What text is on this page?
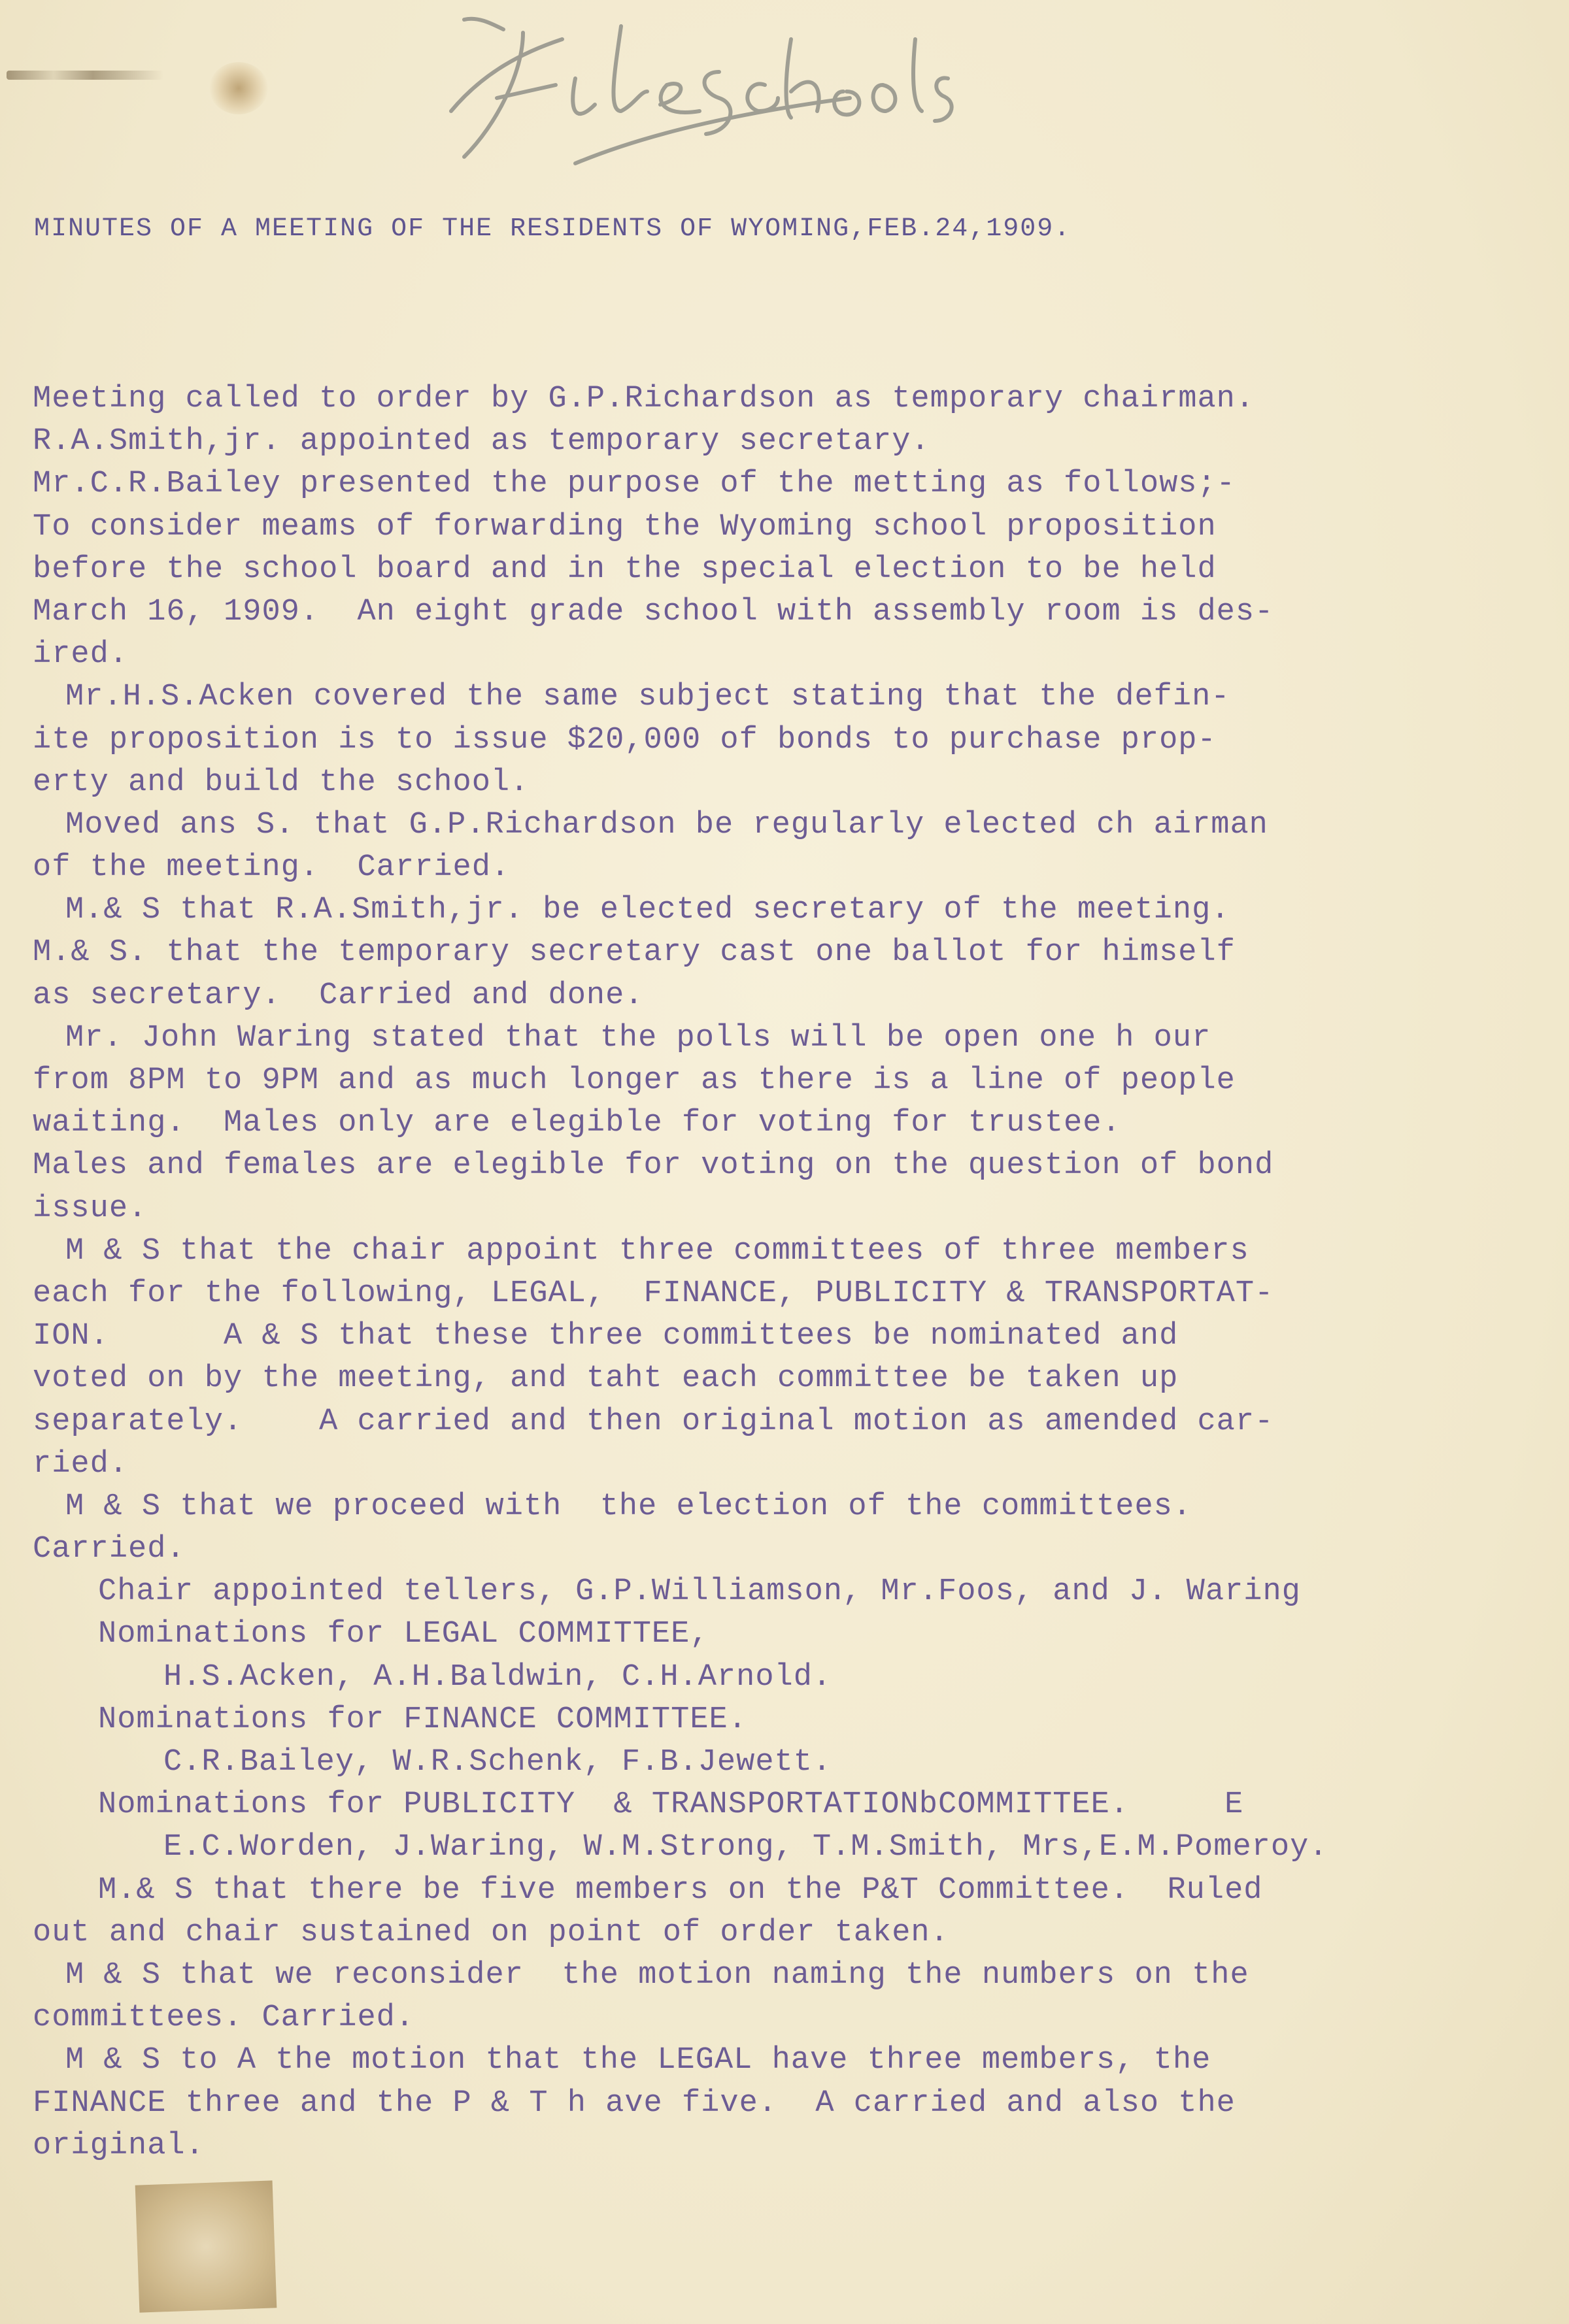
MINUTES OF A MEETING OF THE RESIDENTS OF WYOMING,FEB.24,1909.
Meeting called to order by G.P.Richardson as temporary chairman.
R.A.Smith,jr. appointed as temporary secretary.
Mr.C.R.Bailey presented the purpose of the metting as follows;-
To consider meams of forwarding the Wyoming school proposition
before the school board and in the special election to be held
March 16, 1909.  An eight grade school with assembly room is des-
ired.
Mr.H.S.Acken covered the same subject stating that the defin-
ite proposition is to issue $20,000 of bonds to purchase prop-
erty and build the school.
Moved ans S. that G.P.Richardson be regularly elected ch airman
of the meeting.  Carried.
M.& S that R.A.Smith,jr. be elected secretary of the meeting.
M.& S. that the temporary secretary cast one ballot for himself
as secretary.  Carried and done.
Mr. John Waring stated that the polls will be open one h our
from 8PM to 9PM and as much longer as there is a line of people
waiting.  Males only are elegible for voting for trustee.
Males and females are elegible for voting on the question of bond
issue.
M & S that the chair appoint three committees of three members
each for the following, LEGAL,  FINANCE, PUBLICITY & TRANSPORTAT-
ION.      A & S that these three committees be nominated and
voted on by the meeting, and taht each committee be taken up
separately.    A carried and then original motion as amended car-
ried.
M & S that we proceed with  the election of the committees.
Carried.
Chair appointed tellers, G.P.Williamson, Mr.Foos, and J. Waring
Nominations for LEGAL COMMITTEE,
H.S.Acken, A.H.Baldwin, C.H.Arnold.
Nominations for FINANCE COMMITTEE.
C.R.Bailey, W.R.Schenk, F.B.Jewett.
Nominations for PUBLICITY  & TRANSPORTATIONbCOMMITTEE.     E
E.C.Worden, J.Waring, W.M.Strong, T.M.Smith, Mrs,E.M.Pomeroy.
M.& S that there be five members on the P&T Committee.  Ruled
out and chair sustained on point of order taken.
M & S that we reconsider  the motion naming the numbers on the
committees. Carried.
M & S to A the motion that the LEGAL have three members, the
FINANCE three and the P & T h ave five.  A carried and also the
original.
